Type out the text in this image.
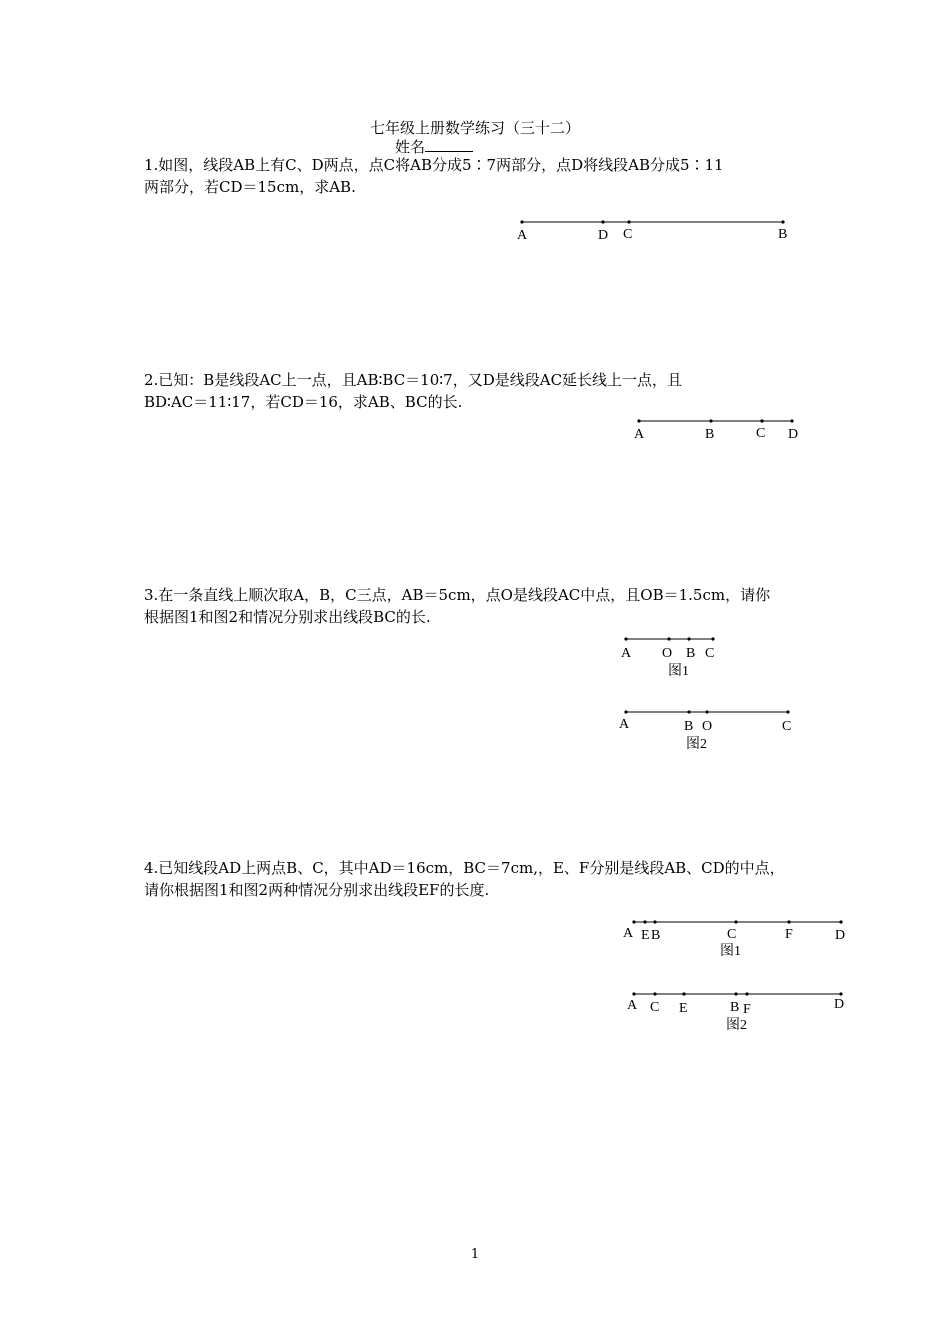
七年级上册数学练习（三十二）
姓名
1.如图，线段AB上有C、D两点，点C将AB分成5∶7两部分，点D将线段AB分成5∶11
两部分，若CD＝15cm，求AB.
2.已知：B是线段AC上一点，且AB∶BC＝10∶7，又D是线段AC延长线上一点，且
BD∶AC＝11∶17，若CD＝16，求AB、BC的长.
3.在一条直线上顺次取A，B，C三点，AB＝5cm，点O是线段AC中点，且OB＝1.5cm，请你
根据图1和图2和情况分别求出线段BC的长.
4.已知线段AD上两点B、C，其中AD＝16cm，BC＝7cm,，E、F分别是线段AB、CD的中点，
请你根据图1和图2两种情况分别求出线段EF的长度.
A	D C	B
A	B	C D
A O B C
图1
A	B O	C
图2
A E B	C	F	D
图1
A C E	B F	D
图2
1
